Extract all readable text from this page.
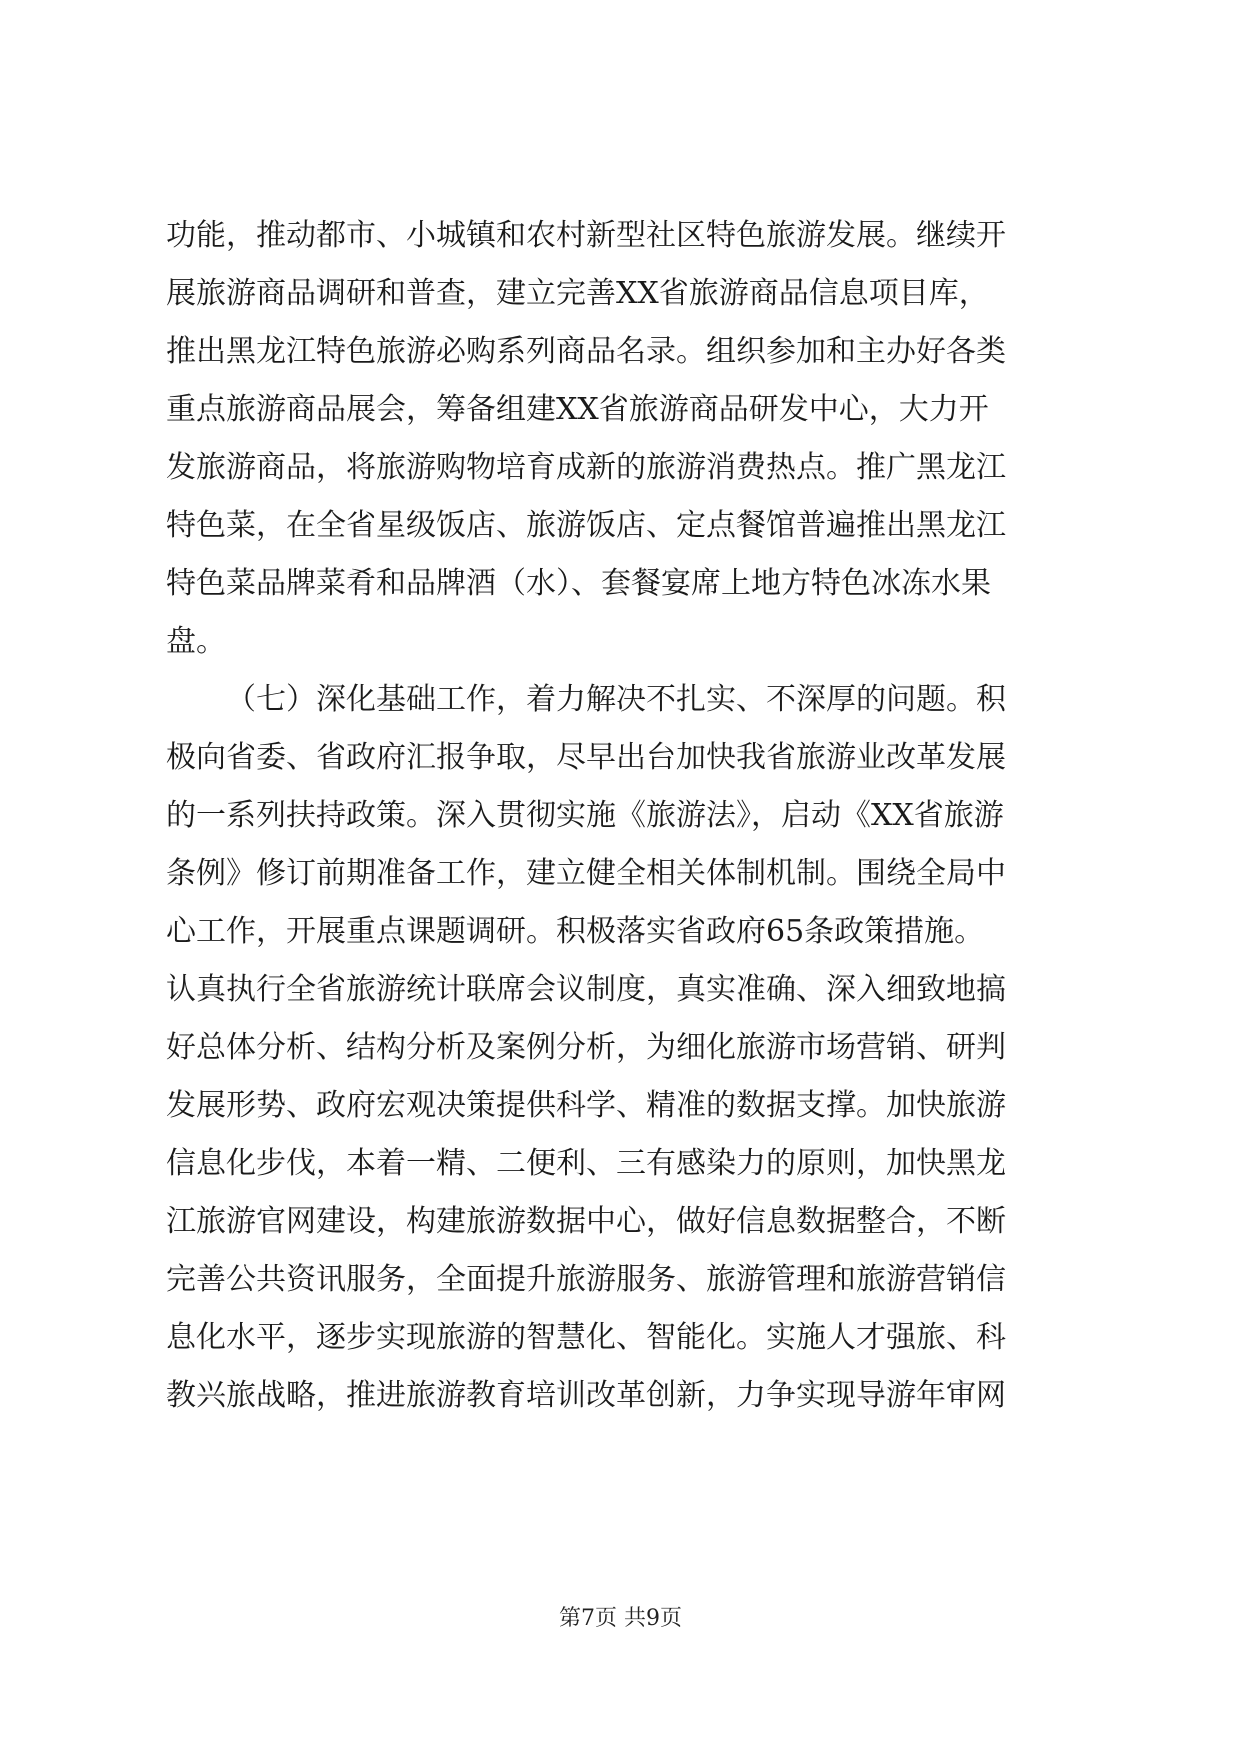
功能，推动都市、小城镇和农村新型社区特色旅游发展。继续开
展旅游商品调研和普查，建立完善XX省旅游商品信息项目库，
推出黑龙江特色旅游必购系列商品名录。组织参加和主办好各类
重点旅游商品展会，筹备组建XX省旅游商品研发中心，大力开
发旅游商品，将旅游购物培育成新的旅游消费热点。推广黑龙江
特色菜，在全省星级饭店、旅游饭店、定点餐馆普遍推出黑龙江
特色菜品牌菜肴和品牌酒（水）、套餐宴席上地方特色冰冻水果
盘。
（七）深化基础工作，着力解决不扎实、不深厚的问题。积
极向省委、省政府汇报争取，尽早出台加快我省旅游业改革发展
的一系列扶持政策。深入贯彻实施《旅游法》，启动《XX省旅游
条例》修订前期准备工作，建立健全相关体制机制。围绕全局中
心工作，开展重点课题调研。积极落实省政府65条政策措施。
认真执行全省旅游统计联席会议制度，真实准确、深入细致地搞
好总体分析、结构分析及案例分析，为细化旅游市场营销、研判
发展形势、政府宏观决策提供科学、精准的数据支撑。加快旅游
信息化步伐，本着一精、二便利、三有感染力的原则，加快黑龙
江旅游官网建设，构建旅游数据中心，做好信息数据整合，不断
完善公共资讯服务，全面提升旅游服务、旅游管理和旅游营销信
息化水平，逐步实现旅游的智慧化、智能化。实施人才强旅、科
教兴旅战略，推进旅游教育培训改革创新，力争实现导游年审网
第7页 共9页
